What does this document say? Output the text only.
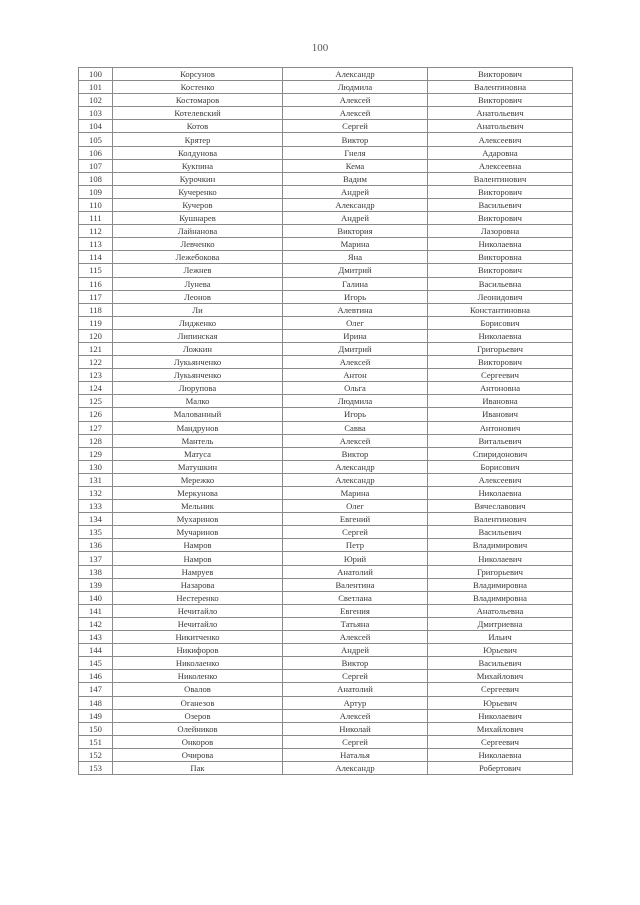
100
100	Корсунов	Александр	Викторович
101	Костенко	Людмила	Валентиновна
102	Костомаров	Алексей	Викторович
103	Котелевский	Алексей	Анатольевич
104	Котов	Сергей	Анатольевич
105	Крятер	Виктор	Алексеевич
106	Колдунова	Гнеля	Адаровна
107	Кукпина	Кема	Алексеевна
108	Курочкин	Вадим	Валентинович
109	Кучеренко	Андрей	Викторович
110	Кучеров	Александр	Васильевич
111	Кушнарев	Андрей	Викторович
112	Лайнанова	Виктория	Лазоровна
113	Левченко	Марина	Николаевна
114	Лежебокова	Яна	Викторовна
115	Лежнев	Дмитрий	Викторович
116	Лунева	Галина	Васильевна
117	Леонов	Игорь	Леонидович
118	Ли	Алевтина	Константиновна
119	Лидженко	Олег	Борисович
120	Липинская	Ирина	Николаевна
121	Ложкин	Дмитрий	Григорьевич
122	Лукьянченко	Алексей	Викторович
123	Лукьянченко	Антон	Сергеевич
124	Люрупова	Ольга	Антоновна
125	Малко	Людмила	Ивановна
126	Малованный	Игорь	Иванович
127	Мандрунов	Савва	Антонович
128	Мантель	Алексей	Витальевич
129	Матуса	Виктор	Спиридонович
130	Матушкин	Александр	Борисович
131	Мережко	Александр	Алексеевич
132	Меркунова	Марина	Николаевна
133	Мельник	Олег	Вячеславович
134	Мухаринов	Евгений	Валентинович
135	Мучаринов	Сергей	Васильевич
136	Намров	Петр	Владимирович
137	Намров	Юрий	Николаевич
138	Намруев	Анатолий	Григорьевич
139	Назарова	Валентина	Владимировна
140	Нестеренко	Светлана	Владимировна
141	Нечитайло	Евгения	Анатольевна
142	Нечитайло	Татьяна	Дмитриевна
143	Никитченко	Алексей	Ильич
144	Никифоров	Андрей	Юрьевич
145	Николаенко	Виктор	Васильевич
146	Николенко	Сергей	Михайлович
147	Овалов	Анатолий	Сергеевич
148	Оганезов	Артур	Юрьевич
149	Озеров	Алексей	Николаевич
150	Олейников	Николай	Михайлович
151	Онкоров	Сергей	Сергеевич
152	Очирова	Наталья	Николаевна
153	Пак	Александр	Робертович
